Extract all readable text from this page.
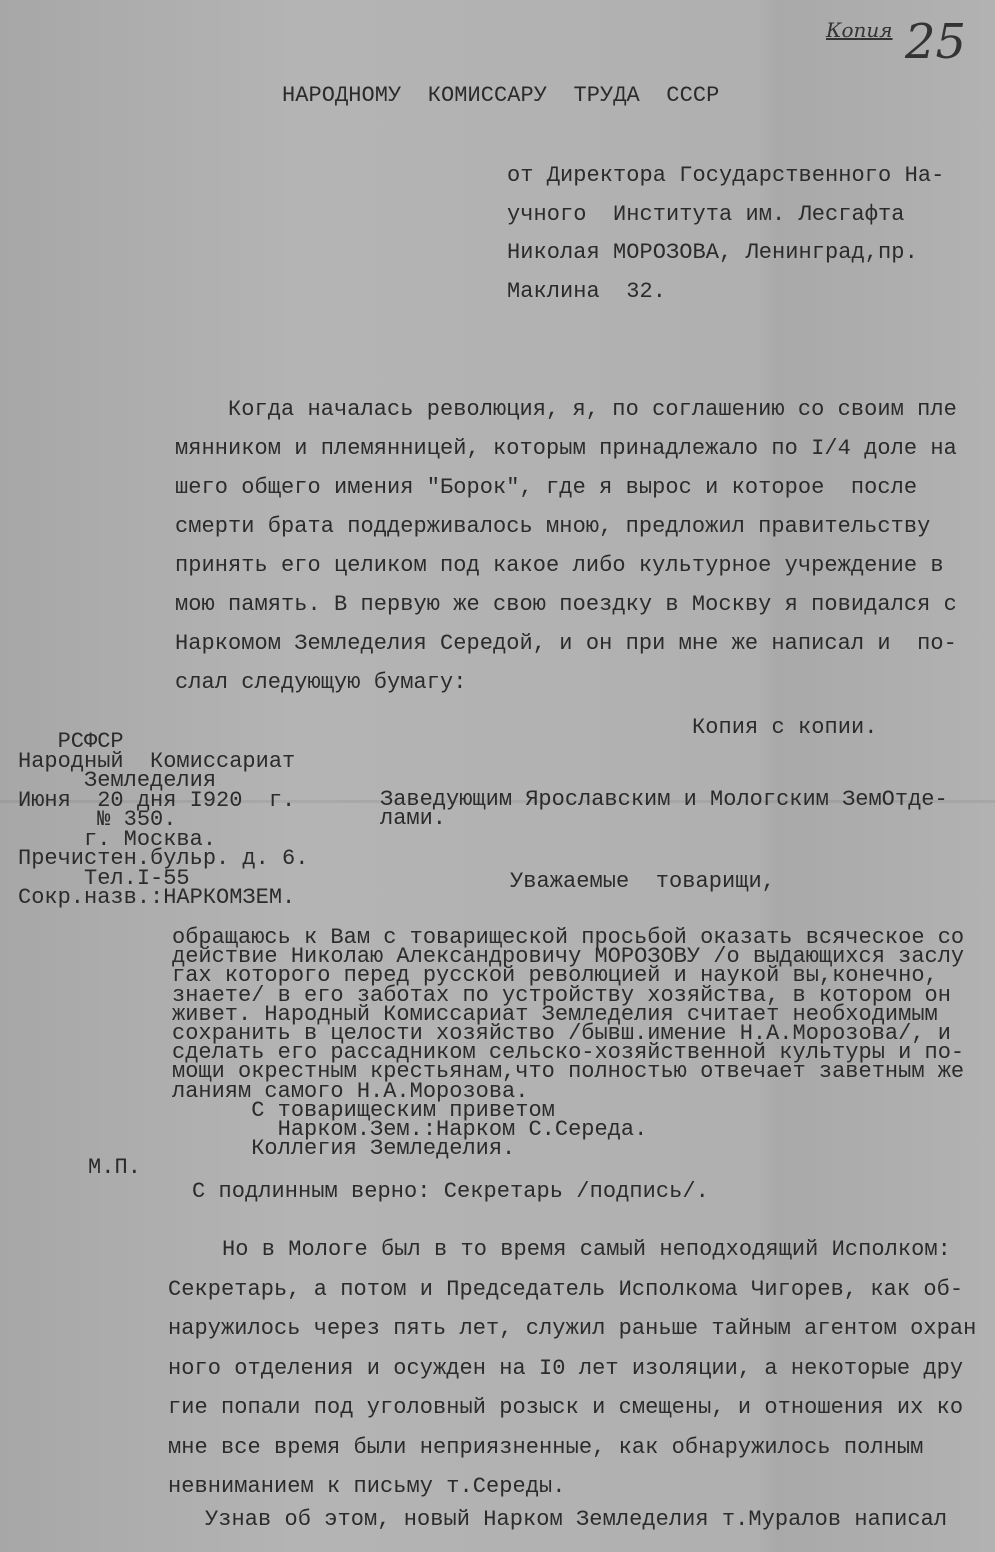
Копия 25
НАРОДНОМУ  КОМИССАРУ  ТРУДА  СССР
от Директора Государственного На-
учного  Института им. Лесгафта
Николая МОРОЗОВА, Ленинград,пр.
Маклина  32.
Когда началась революция, я, по соглашению со своим пле
мянником и племянницей, которым принадлежало по I/4 доле на
шего общего имения "Борок", где я вырос и которое  после
смерти брата поддерживалось мною, предложил правительству
принять его целиком под какое либо культурное учреждение в
мою память. В первую же свою поездку в Москву я повидался с
Наркомом Земледелия Середой, и он при мне же написал и  по-
слал следующую бумагу:
Копия с копии.
РСФСР
Народный  Комиссариат
Земледелия
Июня  20 дня I920  г.
№ 350.
г. Москва.
Пречистен.бульр. д. 6.
Тел.I-55
Сокр.назв.:НАРКОМЗЕМ.
Заведующим Ярославским и Мологским ЗемОтде-
лами.
Уважаемые  товарищи,
обращаюсь к Вам с товарищеской просьбой оказать всяческое со
действие Николаю Александровичу МОРОЗОВУ /о выдающихся заслу
гах которого перед русской революцией и наукой вы,конечно,
знаете/ в его заботах по устройству хозяйства, в котором он
живет. Народный Комиссариат Земледелия считает необходимым
сохранить в целости хозяйство /бывш.имение Н.А.Морозова/, и
сделать его рассадником сельско-хозяйственной культуры и по-
мощи окрестным крестьянам,что полностью отвечает заветным же
ланиям самого Н.А.Морозова.
С товарищеским приветом
Нарком.Зем.:Нарком С.Середа.
Коллегия Земледелия.
М.П.
С подлинным верно: Секретарь /подпись/.
Но в Мологе был в то время самый неподходящий Исполком:
Секретарь, а потом и Председатель Исполкома Чигорев, как об-
наружилось через пять лет, служил раньше тайным агентом охран
ного отделения и осужден на I0 лет изоляции, а некоторые дру
гие попали под уголовный розыск и смещены, и отношения их ко
мне все время были неприязненные, как обнаружилось полным
невниманием к письму т.Середы.
Узнав об этом, новый Нарком Земледелия т.Муралов написал
